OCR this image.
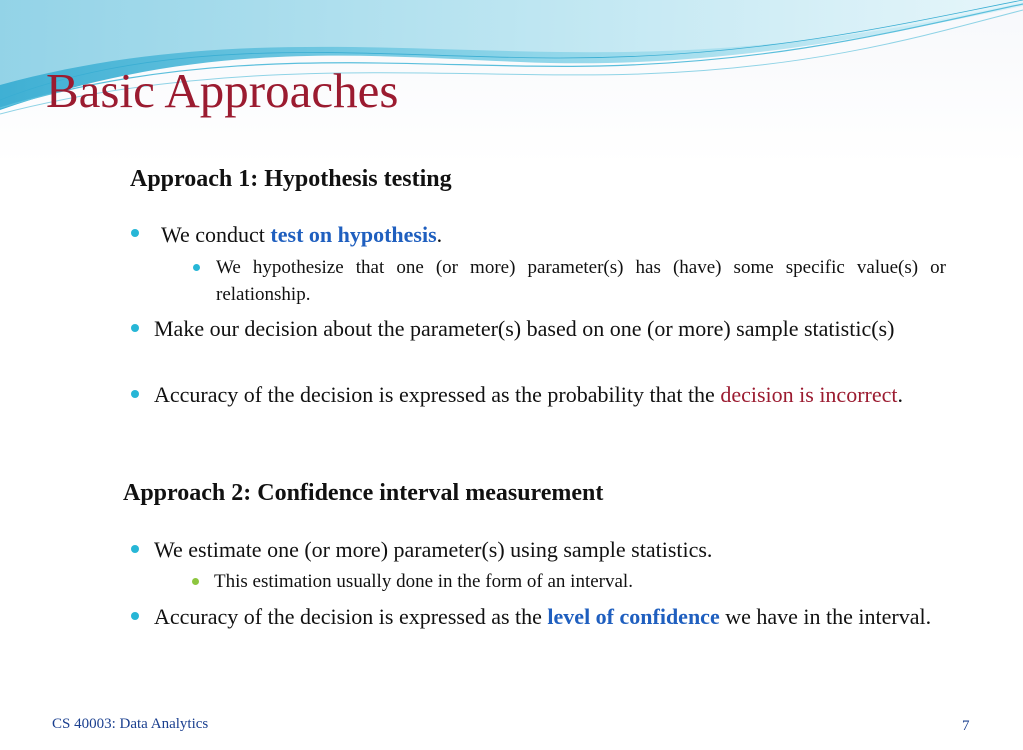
Basic Approaches

Approach 1: Hypothesis testing

We conduct test on hypothesis.

We hypothesize that one (or more) parameter(s) has (have) some specific value(s) or relationship.

Make our decision about the parameter(s) based on one (or more) sample statistic(s)

Accuracy of the decision is expressed as the probability that the decision is incorrect.

Approach 2: Confidence interval measurement

We estimate one (or more) parameter(s) using sample statistics.

This estimation usually done in the form of an interval.

Accuracy of the decision is expressed as the level of confidence we have in the interval.

CS 40003: Data Analytics	7
